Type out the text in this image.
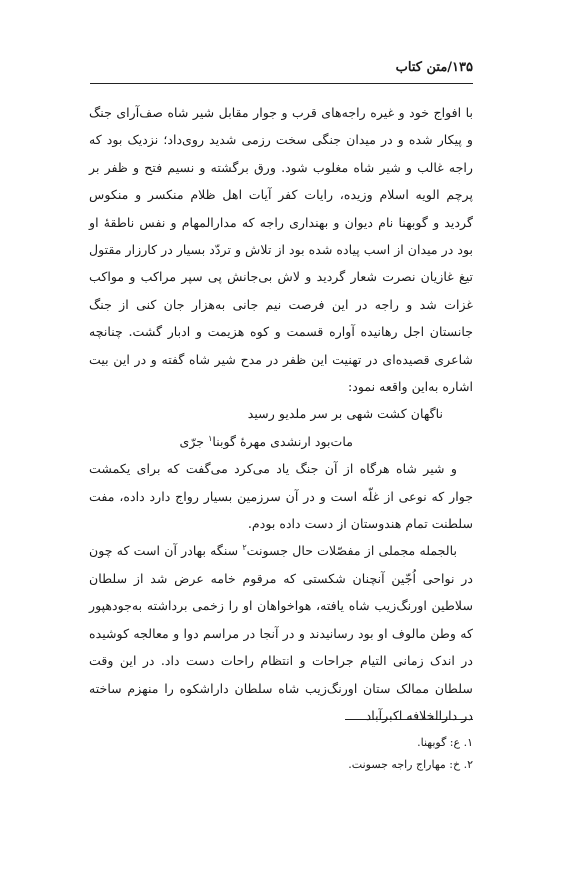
۱۳۵/متن کتاب

با افواج خود و غیره راجه‌های قرب و جوار مقابل شیر شاه صف‌آرای جنگ و پیکار شده و در میدان جنگی سخت رزمی شدید روی‌داد؛ نزدیک بود که راجه غالب و شیر شاه مغلوب شود. ورق برگشته و نسیم فتح و ظفر بر پرچم الویه اسلام وزیده، رایات کفر آیات اهل ظلام منکسر و منکوس گردید و گوبهنا نام دیوان و بهنداری راجه که مدارالمهام و نفس ناطقهٔ او بود در میدان از اسب پیاده شده بود از تلاش و تردّد بسیار در کارزار مقتول تیغ غازیان نصرت شعار گردید و لاش بی‌جانش پی سپر مراکب و مواکب غزات شد و راجه در این فرصت نیم جانی به‌هزار جان کنی از جنگ جانستان اجل رهانیده آواره قسمت و کوه هزیمت و ادبار گشت. چنانچه شاعری قصیده‌ای در تهنیت این ظفر در مدح شیر شاه گفته و در این بیت اشاره به‌این واقعه نمود:

ناگهان کشت شهی بر سر ملدیو رسید
مات‌بود ارنشدی مهرهٔ گوبنا$^۱$ جرّی

و شیر شاه هرگاه از آن جنگ یاد می‌کرد می‌گفت که برای یکمشت جوار که نوعی از غلّه است و در آن سرزمین بسیار رواج دارد داده، مفت سلطنت تمام هندوستان از دست داده بودم.

بالجمله مجملی از مفصّلات حال جسونت$^۲$ سنگه بهادر آن است که چون در نواحی اُجّین آنچنان شکستی که مرقوم خامه عرض شد از سلطان سلاطین اورنگ‌زیب شاه یافته، هواخواهان او را زخمی برداشته به‌جودهپور که وطن مالوف او بود رسانیدند و در آنجا در مراسم دوا و معالجه کوشیده در اندک زمانی التیام جراحات و انتظام راحات دست داد. در این وقت سلطان ممالک ستان اورنگ‌زیب شاه سلطان داراشکوه را منهزم ساخته در دارالخلافه اکبرآباد

۱. ع: گوبهنا.
۲. خ: مهاراج راجه جسونت.
